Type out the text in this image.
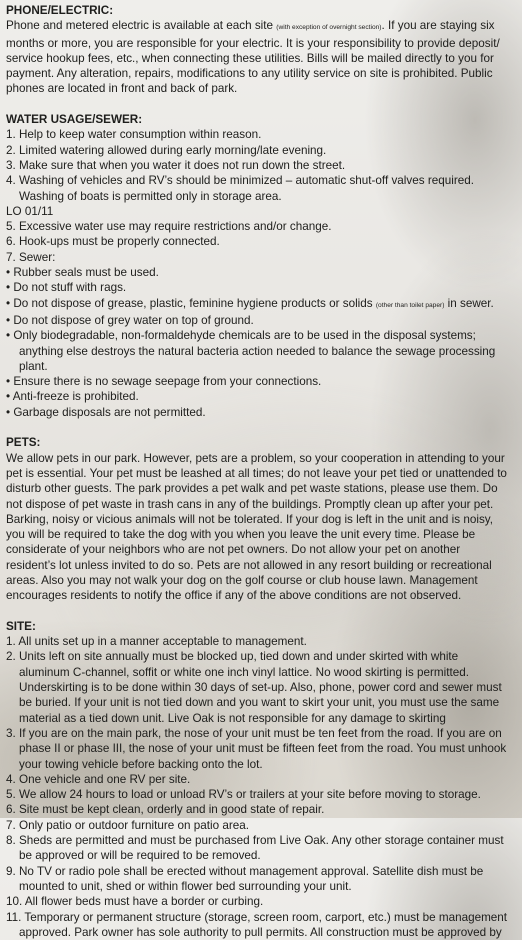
PHONE/ELECTRIC:

Phone and metered electric is available at each site (with exception of overnight section). If you are staying six months or more, you are responsible for your electric. It is your responsibility to provide deposit/ service hookup fees, etc., when connecting these utilities. Bills will be mailed directly to you for payment. Any alteration, repairs, modifications to any utility service on site is prohibited. Public phones are located in front and back of park.

WATER USAGE/SEWER:
1. Help to keep water consumption within reason.
2. Limited watering allowed during early morning/late evening.
3. Make sure that when you water it does not run down the street.
4. Washing of vehicles and RV’s should be minimized – automatic shut-off valves required.
Washing of boats is permitted only in storage area.
LO 01/11
5. Excessive water use may require restrictions and/or change.
6. Hook-ups must be properly connected.
7. Sewer:
• Rubber seals must be used.
• Do not stuff with rags.
• Do not dispose of grease, plastic, feminine hygiene products or solids (other than toilet paper) in sewer.
• Do not dispose of grey water on top of ground.
• Only biodegradable, non-formaldehyde chemicals are to be used in the disposal systems; anything else destroys the natural bacteria action needed to balance the sewage processing plant.
• Ensure there is no sewage seepage from your connections.
• Anti-freeze is prohibited.
• Garbage disposals are not permitted.
PETS:

We allow pets in our park. However, pets are a problem, so your cooperation in attending to your pet is essential. Your pet must be leashed at all times; do not leave your pet tied or unattended to disturb other guests. The park provides a pet walk and pet waste stations, please use them. Do not dispose of pet waste in trash cans in any of the buildings. Promptly clean up after your pet. Barking, noisy or vicious animals will not be tolerated. If your dog is left in the unit and is noisy, you will be required to take the dog with you when you leave the unit every time. Please be considerate of your neighbors who are not pet owners. Do not allow your pet on another resident’s lot unless invited to do so. Pets are not allowed in any resort building or recreational areas. Also you may not walk your dog on the golf course or club house lawn. Management encourages residents to notify the office if any of the above conditions are not observed.

SITE:
1. All units set up in a manner acceptable to management.
2. Units left on site annually must be blocked up, tied down and under skirted with white aluminum C-channel, soffit or white one inch vinyl lattice. No wood skirting is permitted. Underskirting is to be done within 30 days of set-up. Also, phone, power cord and sewer must be buried. If your unit is not tied down and you want to skirt your unit, you must use the same material as a tied down unit. Live Oak is not responsible for any damage to skirting
3. If you are on the main park, the nose of your unit must be ten feet from the road. If you are on phase II or phase III, the nose of your unit must be fifteen feet from the road. You must unhook your towing vehicle before backing onto the lot.
4. One vehicle and one RV per site.
5. We allow 24 hours to load or unload RV’s or trailers at your site before moving to storage.
6. Site must be kept clean, orderly and in good state of repair.
7. Only patio or outdoor furniture on patio area.
8. Sheds are permitted and must be purchased from Live Oak. Any other storage container must be approved or will be required to be removed.
9. No TV or radio pole shall be erected without management approval. Satellite dish must be mounted to unit, shed or within flower bed surrounding your unit.
10. All flower beds must have a border or curbing.
11. Temporary or permanent structure (storage, screen room, carport, etc.) must be management approved. Park owner has sole authority to pull permits. All construction must be approved by
